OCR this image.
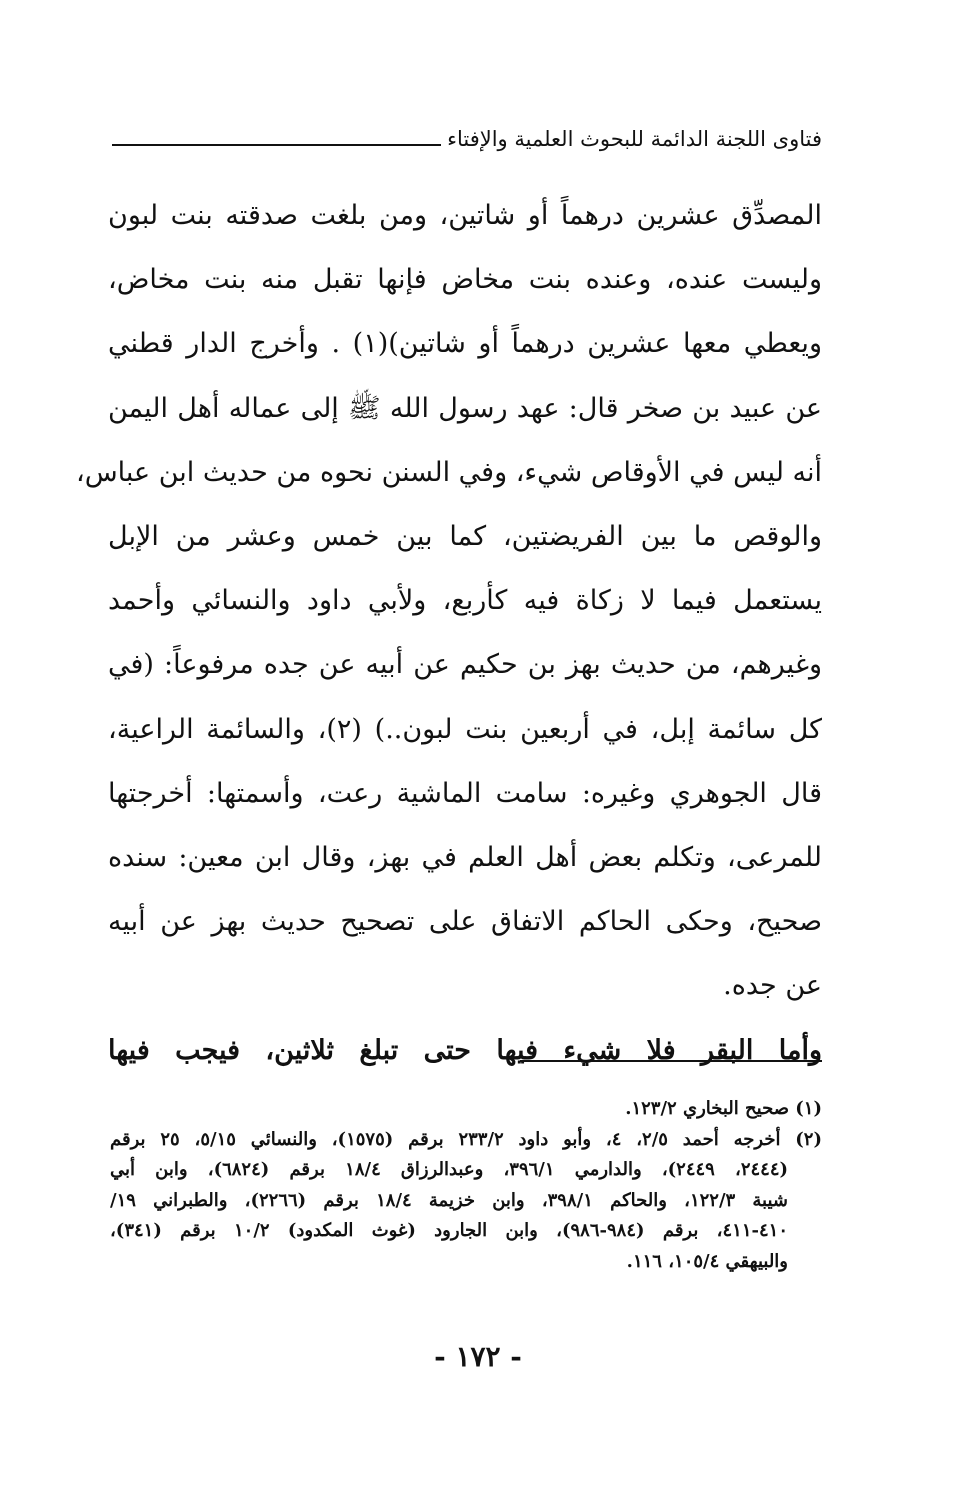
فتاوى اللجنة الدائمة للبحوث العلمية والإفتاء
المصدِّق عشرين درهماً أو شاتين، ومن بلغت صدقته بنت لبون
وليست عنده، وعنده بنت مخاض فإنها تقبل منه بنت مخاض،
ويعطي معها عشرين درهماً أو شاتين)(١) . وأخرج الدار قطني
عن عبيد بن صخر قال: عهد رسول الله ﷺ إلى عماله أهل اليمن
أنه ليس في الأوقاص شيء، وفي السنن نحوه من حديث ابن عباس،
والوقص ما بين الفريضتين، كما بين خمس وعشر من الإبل
يستعمل فيما لا زكاة فيه كأربع، ولأبي داود والنسائي وأحمد
وغيرهم، من حديث بهز بن حكيم عن أبيه عن جده مرفوعاً: (في
كل سائمة إبل، في أربعين بنت لبون..) (٢)، والسائمة الراعية،
قال الجوهري وغيره: سامت الماشية رعت، وأسمتها: أخرجتها
للمرعى، وتكلم بعض أهل العلم في بهز، وقال ابن معين: سنده
صحيح، وحكى الحاكم الاتفاق على تصحيح حديث بهز عن أبيه
عن جده.
وأما البقر فلا شيء فيها حتى تبلغ ثلاثين، فيجب فيها
(١) صحيح البخاري ١٢٣/٢.
(٢) أخرجه أحمد ٢/٥، ٤، وأبو داود ٢٣٣/٢ برقم (١٥٧٥)، والنسائي ٥/١٥، ٢٥ برقم
(٢٤٤٤، ٢٤٤٩)، والدارمي ٣٩٦/١، وعبدالرزاق ١٨/٤ برقم (٦٨٢٤)، وابن أبي
شيبة ١٢٢/٣، والحاكم ٣٩٨/١، وابن خزيمة ١٨/٤ برقم (٢٢٦٦)، والطبراني ١٩/
٤١٠-٤١١، برقم (٩٨٤-٩٨٦)، وابن الجارود (غوث المكدود) ١٠/٢ برقم (٣٤١)،
والبيهقي ١٠٥/٤، ١١٦.
- ١٧٢ -
